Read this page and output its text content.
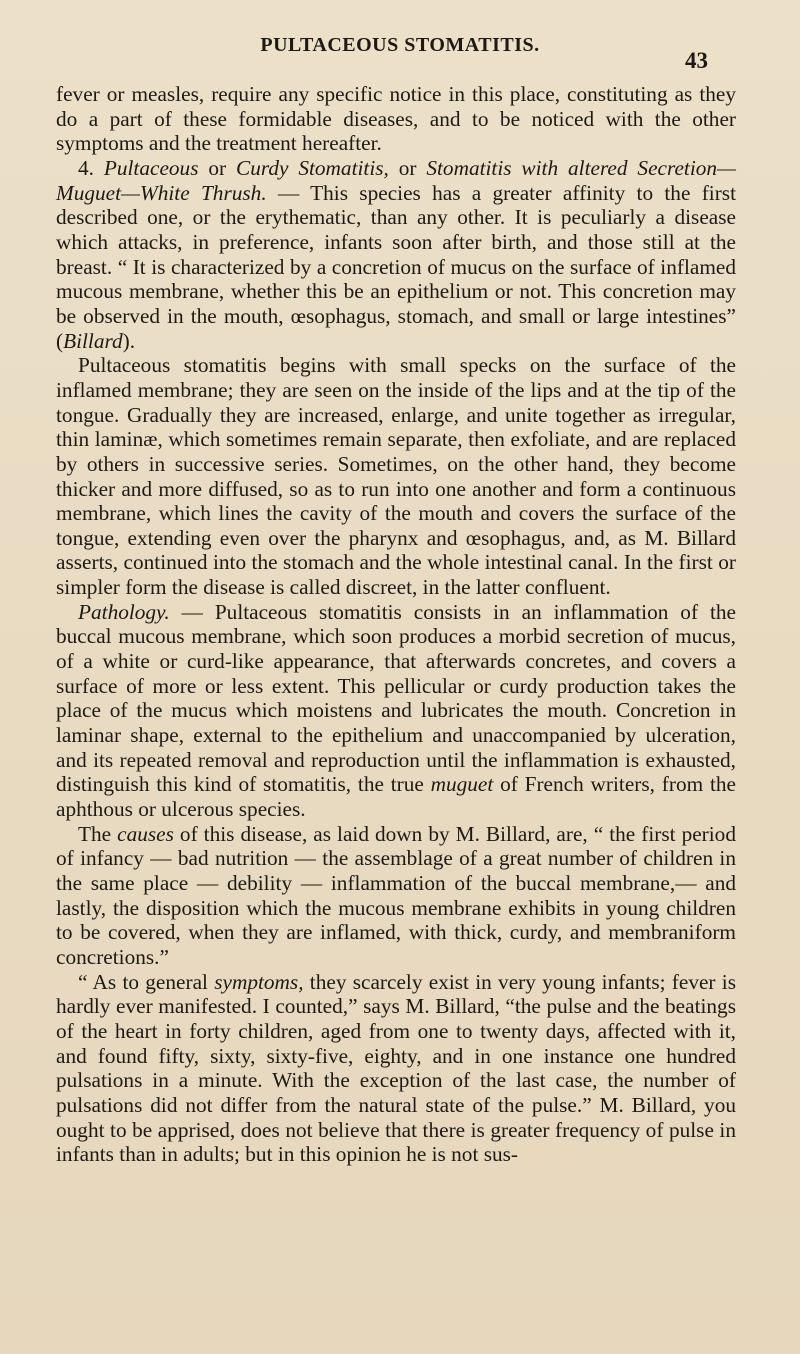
PULTACEOUS STOMATITIS.
43

fever or measles, require any specific notice in this place, constituting as they do a part of these formidable diseases, and to be noticed with the other symptoms and the treatment hereafter.

4. Pultaceous or Curdy Stomatitis, or Stomatitis with altered Secretion—Muguet—White Thrush. — This species has a greater affinity to the first described one, or the erythematic, than any other. It is peculiarly a disease which attacks, in preference, infants soon after birth, and those still at the breast. “ It is characterized by a concretion of mucus on the surface of inflamed mucous membrane, whether this be an epithelium or not. This concretion may be observed in the mouth, œsophagus, stomach, and small or large intestines” (Billard).

Pultaceous stomatitis begins with small specks on the surface of the inflamed membrane; they are seen on the inside of the lips and at the tip of the tongue. Gradually they are increased, enlarge, and unite together as irregular, thin laminæ, which sometimes remain separate, then exfoliate, and are replaced by others in successive series. Sometimes, on the other hand, they become thicker and more diffused, so as to run into one another and form a continuous membrane, which lines the cavity of the mouth and covers the surface of the tongue, extending even over the pharynx and œsophagus, and, as M. Billard asserts, continued into the stomach and the whole intestinal canal. In the first or simpler form the disease is called discreet, in the latter confluent.

Pathology. — Pultaceous stomatitis consists in an inflammation of the buccal mucous membrane, which soon produces a morbid secretion of mucus, of a white or curd-like appearance, that afterwards concretes, and covers a surface of more or less extent. This pellicular or curdy production takes the place of the mucus which moistens and lubricates the mouth. Concretion in laminar shape, external to the epithelium and unaccompanied by ulceration, and its repeated removal and reproduction until the inflammation is exhausted, distinguish this kind of stomatitis, the true muguet of French writers, from the aphthous or ulcerous species.

The causes of this disease, as laid down by M. Billard, are, “ the first period of infancy — bad nutrition — the assemblage of a great number of children in the same place — debility — inflammation of the buccal membrane,— and lastly, the disposition which the mucous membrane exhibits in young children to be covered, when they are inflamed, with thick, curdy, and membraniform concretions.”

“ As to general symptoms, they scarcely exist in very young infants; fever is hardly ever manifested. I counted,” says M. Billard, “the pulse and the beatings of the heart in forty children, aged from one to twenty days, affected with it, and found fifty, sixty, sixty-five, eighty, and in one instance one hundred pulsations in a minute. With the exception of the last case, the number of pulsations did not differ from the natural state of the pulse.” M. Billard, you ought to be apprised, does not believe that there is greater frequency of pulse in infants than in adults; but in this opinion he is not sus-
